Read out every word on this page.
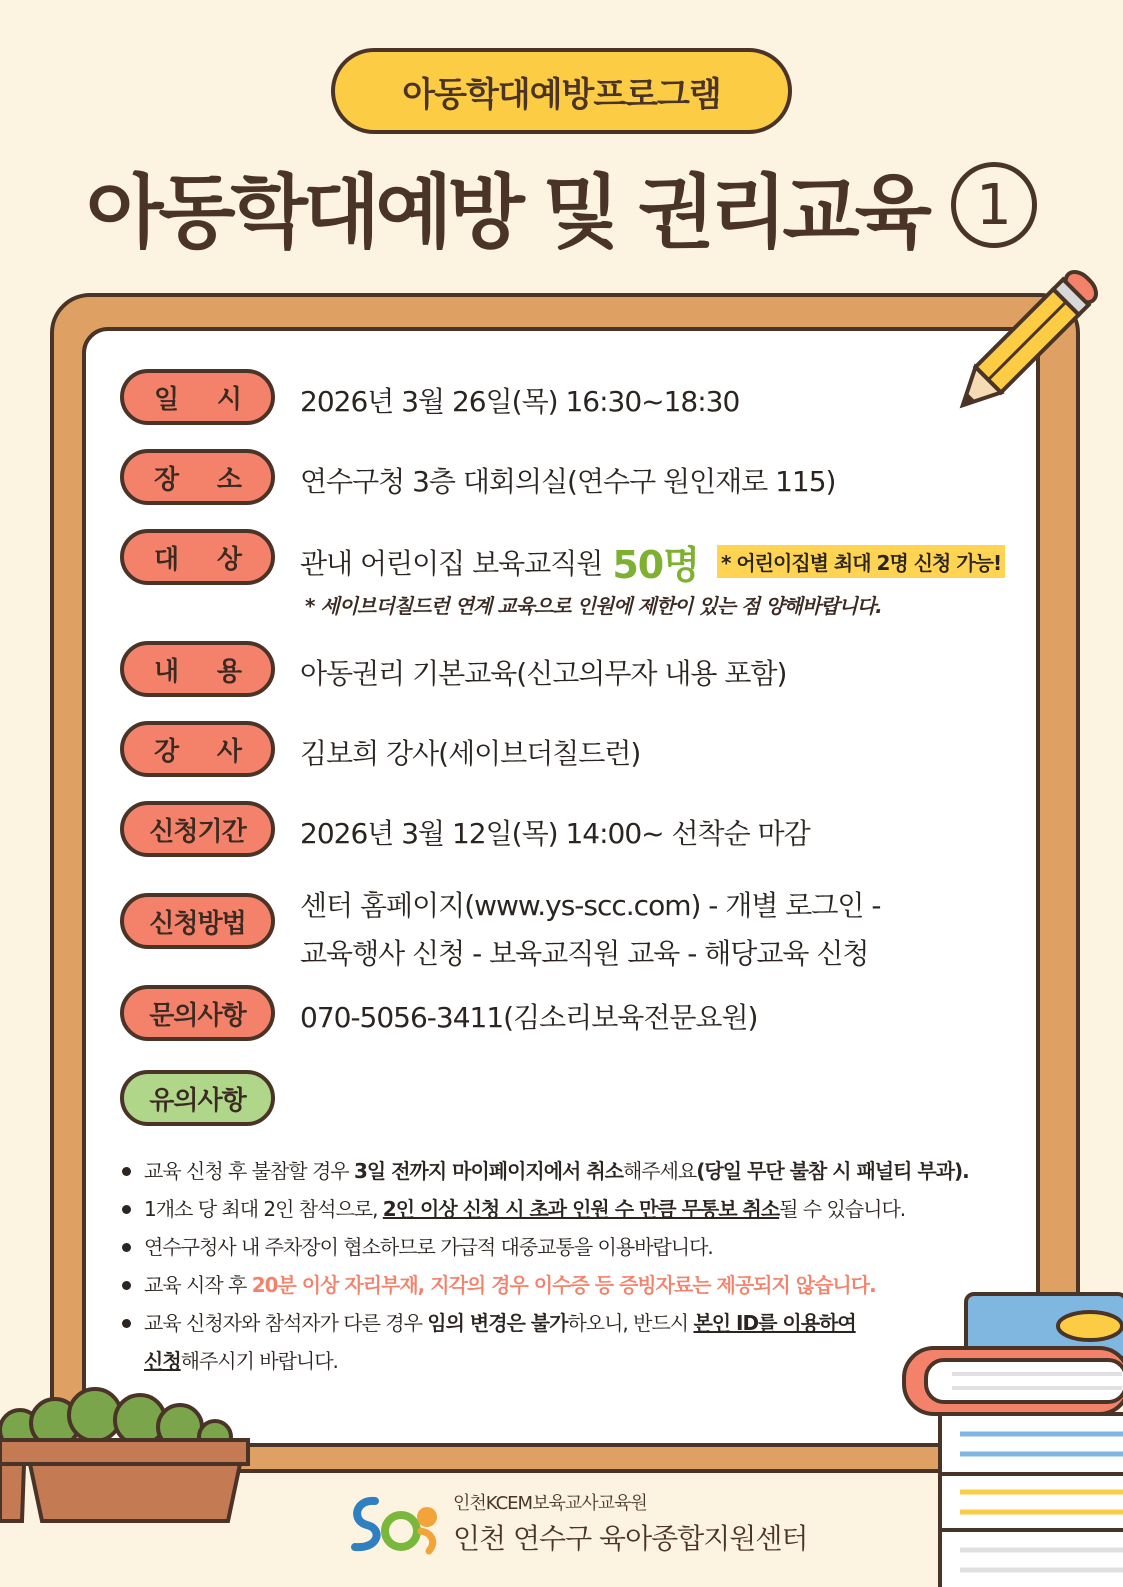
아동학대예방프로그램
아동학대예방 및 권리교육 1
일 시 2026년 3월 26일(목) 16:30~18:30
장 소 연수구청 3층 대회의실(연수구 원인재로 115)
대 상 관내 어린이집 보육교직원 50명 * 어린이집별 최대 2명 신청 가능!
* 세이브더칠드런 연계 교육으로 인원에 제한이 있는 점 양해바랍니다.
내 용 아동권리 기본교육(신고의무자 내용 포함)
강 사 김보희 강사(세이브더칠드런)
신청기간	2026년 3월 12일(목) 14:00~ 선착순 마감
신청방법
센터 홈페이지(www.ys-scc.com) - 개별 로그인 -
교육행사 신청 - 보육교직원 교육 - 해당교육 신청
문의사항	070-5056-3411(김소리보육전문요원)
유의사항
교육 신청 후 불참할 경우 3일 전까지 마이페이지에서 취소해주세요(당일 무단 불참 시 패널티 부과).
1개소 당 최대 2인 참석으로, 2인 이상 신청 시 초과 인원 수 만큼 무통보 취소될 수 있습니다.
연수구청사 내 주차장이 협소하므로 가급적 대중교통을 이용바랍니다.
교육 시작 후 20분 이상 자리부재, 지각의 경우 이수증 등 증빙자료는 제공되지 않습니다.
교육 신청자와 참석자가 다른 경우 임의 변경은 불가하오니, 반드시 본인 ID를 이용하여
신청해주시기 바랍니다.
인천KCEM보육교사교육원
인천 연수구 육아종합지원센터
